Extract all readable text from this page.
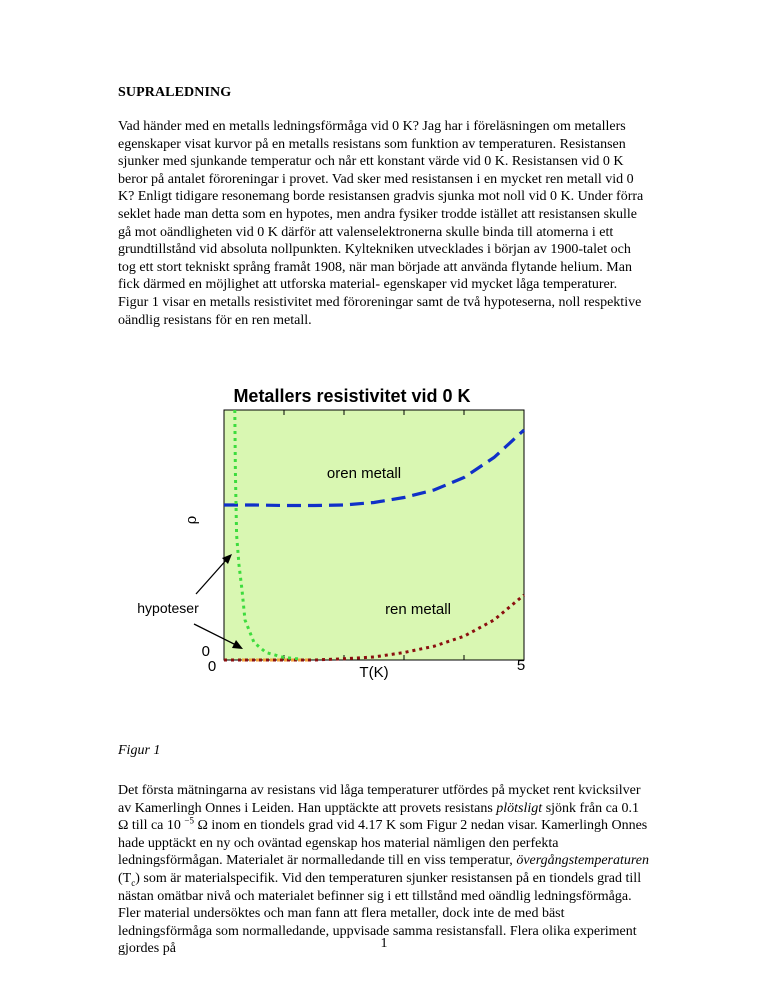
SUPRALEDNING
Vad händer med en metalls ledningsförmåga vid 0 K? Jag har i föreläsningen om metallers egenskaper visat kurvor på en metalls resistans som funktion av temperaturen. Resistansen sjunker med sjunkande temperatur och når ett konstant värde vid 0 K. Resistansen vid 0 K beror på antalet föroreningar i provet. Vad sker med resistansen i en mycket ren metall vid 0 K? Enligt tidigare resonemang borde resistansen gradvis sjunka mot noll vid 0 K. Under förra seklet hade man detta som en hypotes, men andra fysiker trodde istället att resistansen skulle gå mot oändligheten vid 0 K därför att valenselektronerna skulle binda till atomerna i ett grundtillstånd vid absoluta nollpunkten. Kyltekniken utvecklades i början av 1900-talet och tog ett stort tekniskt språng framåt 1908, när man började att använda flytande helium. Man fick därmed en möjlighet att utforska material- egenskaper vid mycket låga temperaturer. Figur 1 visar en metalls resistivitet med föroreningar samt de två hypoteserna, noll respektive oändlig resistans för en ren metall.
Metallers resistivitet vid 0 K
ρ
T(K)
0	5
0
oren metall
ren metall
hypoteser
Figur 1
Det första mätningarna av resistans vid låga temperaturer utfördes på mycket rent kvicksilver av Kamerlingh Onnes i Leiden. Han upptäckte att provets resistans plötsligt sjönk från ca 0.1 Ω till ca 10 $^{-5}$ Ω inom en tiondels grad vid 4.17 K som Figur 2 nedan visar. Kamerlingh Onnes hade upptäckt en ny och oväntad egenskap hos material nämligen den perfekta ledningsförmågan. Materialet är normalledande till en viss temperatur, övergångstemperaturen $(T_c)$ som är materialspecifik. Vid den temperaturen sjunker resistansen på en tiondels grad till nästan omätbar nivå och materialet befinner sig i ett tillstånd med oändlig ledningsförmåga. Fler material undersöktes och man fann att flera metaller, dock inte de med bäst ledningsförmåga som normalledande, uppvisade samma resistansfall. Flera olika experiment gjordes på	1
